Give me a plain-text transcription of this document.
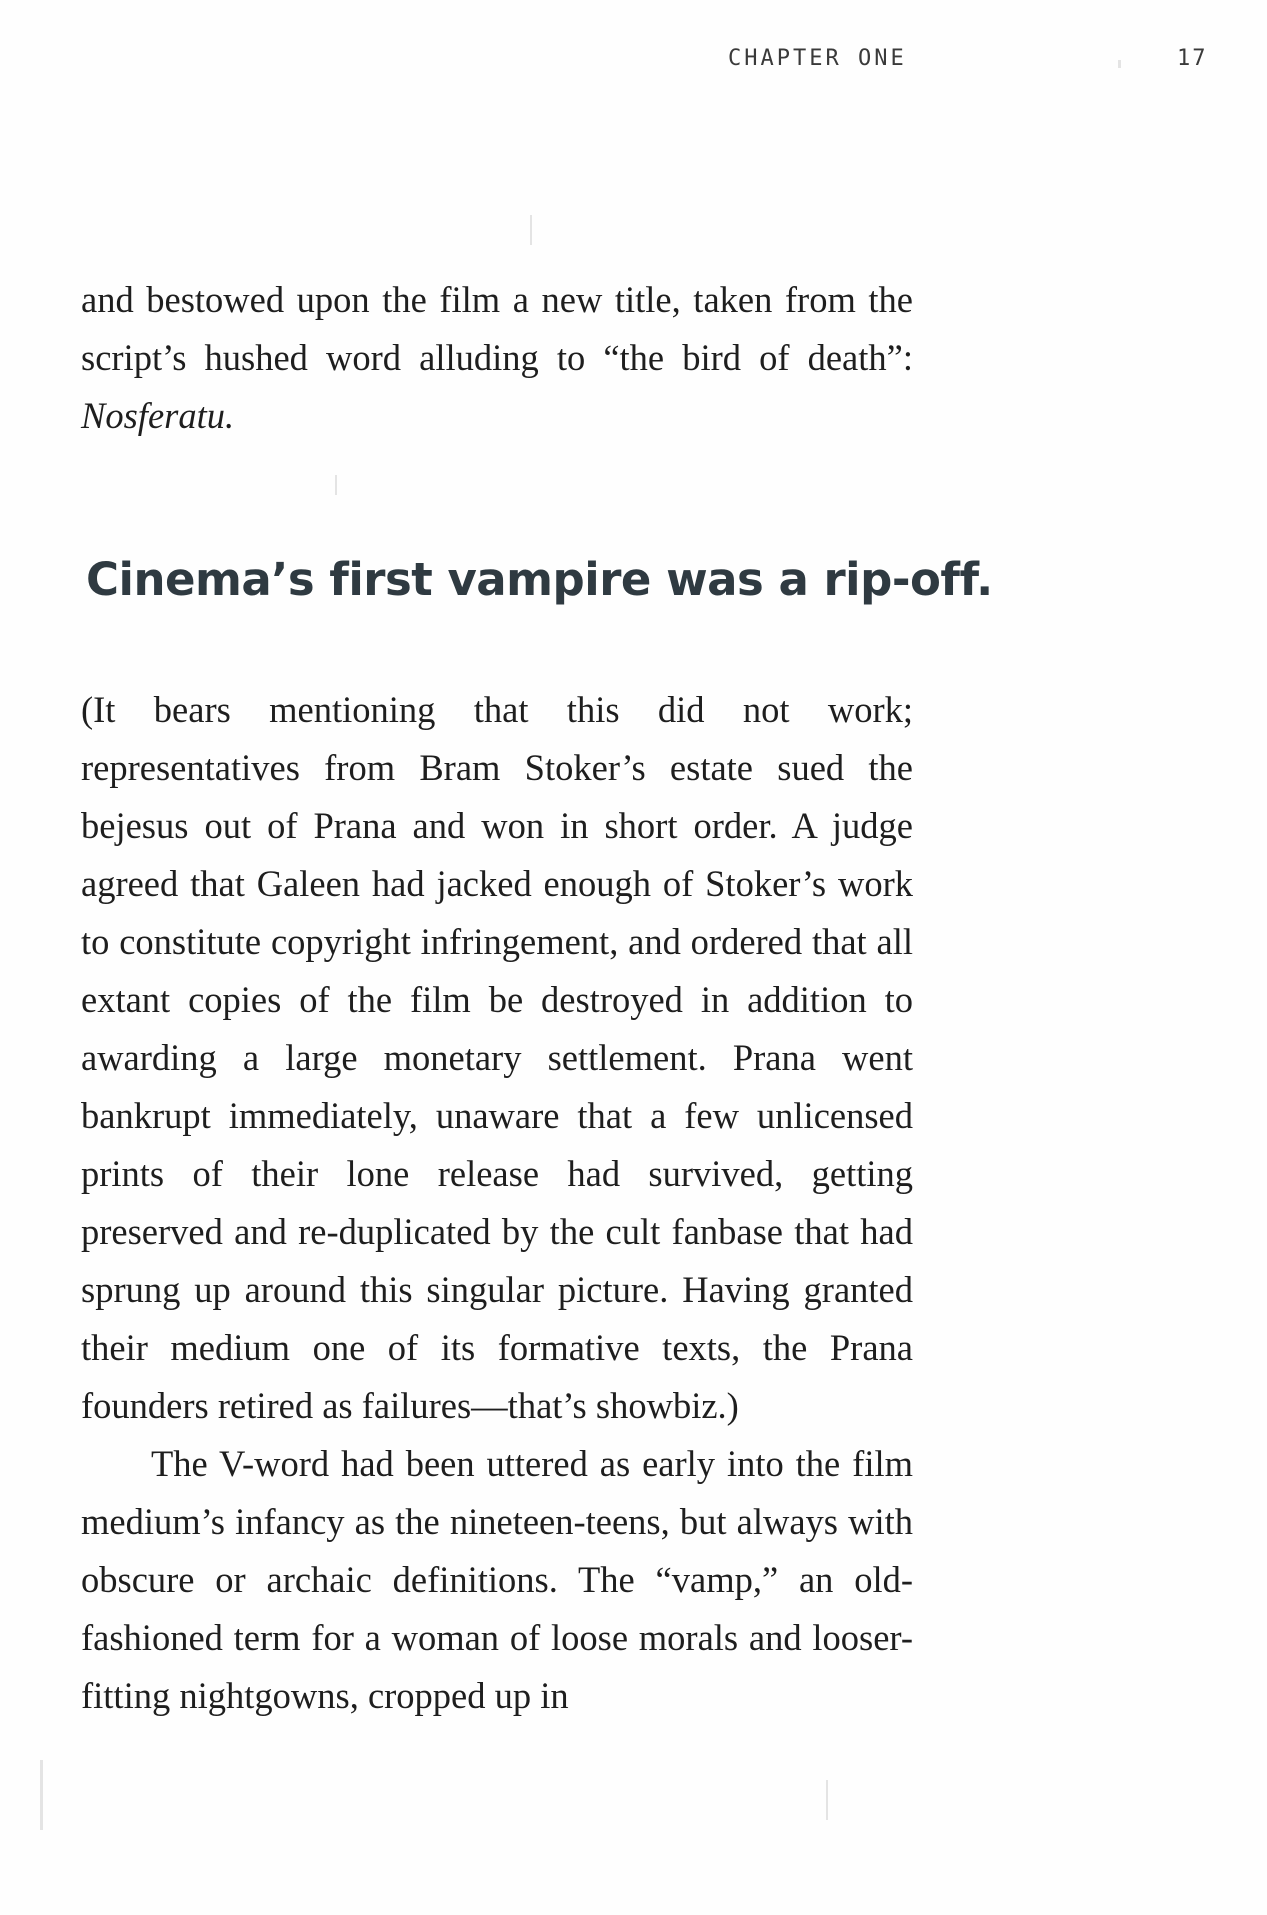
CHAPTER ONE	17
and bestowed upon the film a new title, taken from the script’s hushed word alluding to “the bird of death”: Nosferatu.
Cinema’s first vampire was a rip-off.

(It bears mentioning that this did not work; representatives from Bram Stoker’s estate sued the bejesus out of Prana and won in short order. A judge agreed that Galeen had jacked enough of Stoker’s work to constitute copyright infringement, and ordered that all extant copies of the film be destroyed in addition to awarding a large monetary settlement. Prana went bankrupt immediately, unaware that a few unlicensed prints of their lone release had survived, getting preserved and re-duplicated by the cult fanbase that had sprung up around this singular picture. Having granted their medium one of its formative texts, the Prana founders retired as failures—that’s showbiz.)

The V-word had been uttered as early into the film medium’s infancy as the nineteen-teens, but always with obscure or archaic definitions. The “vamp,” an old-fashioned term for a woman of loose morals and looser-fitting nightgowns, cropped up in
